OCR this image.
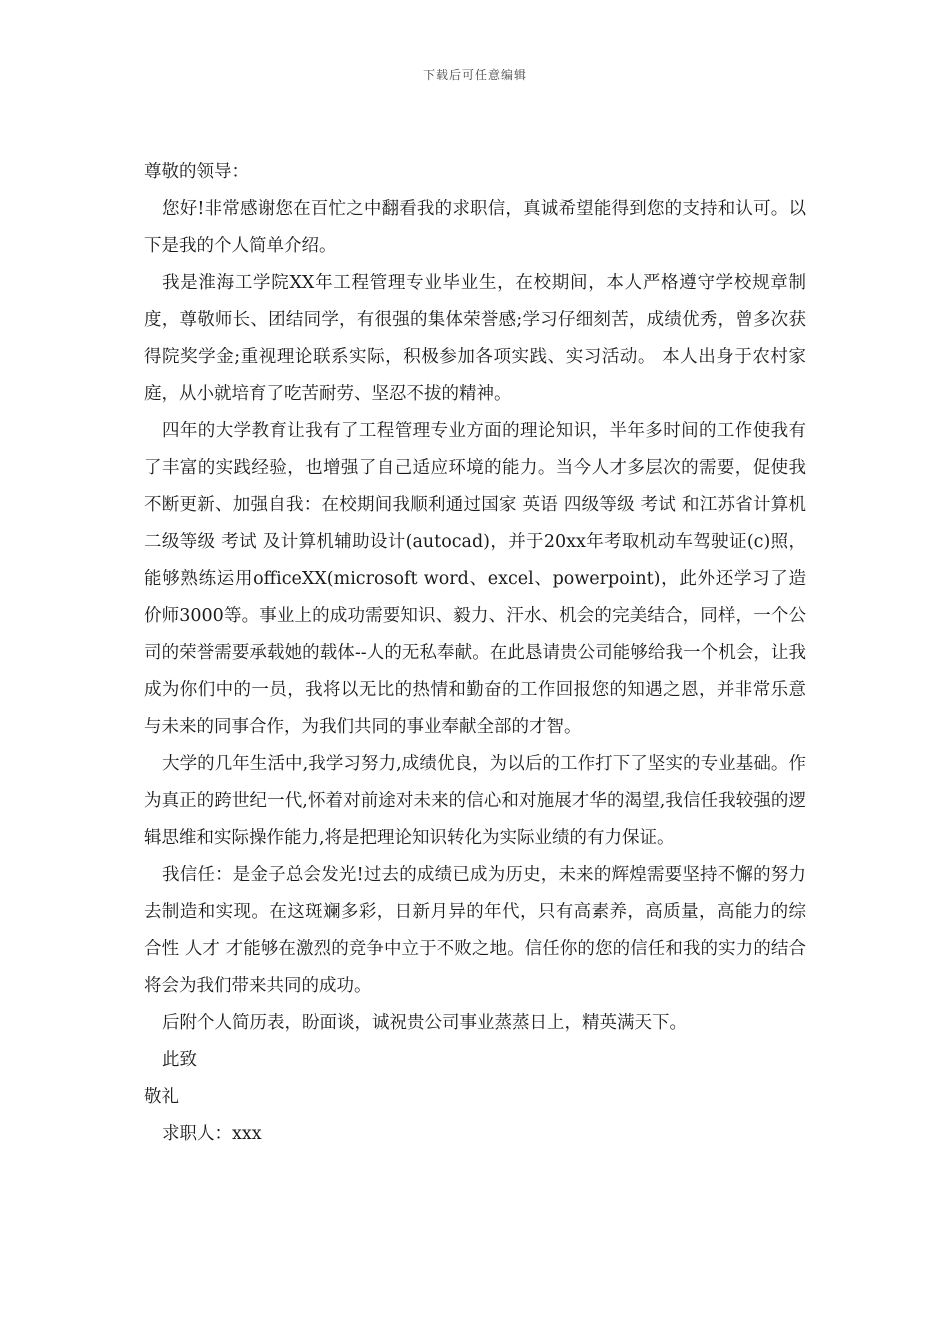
下载后可任意编辑

尊敬的领导：

您好!非常感谢您在百忙之中翻看我的求职信，真诚希望能得到您的支持和认可。以下是我的个人简单介绍。

我是淮海工学院XX年工程管理专业毕业生，在校期间，本人严格遵守学校规章制度，尊敬师长、团结同学，有很强的集体荣誉感;学习仔细刻苦，成绩优秀，曾多次获得院奖学金;重视理论联系实际，积极参加各项实践、实习活动。 本人出身于农村家庭，从小就培育了吃苦耐劳、坚忍不拔的精神。

四年的大学教育让我有了工程管理专业方面的理论知识，半年多时间的工作使我有了丰富的实践经验，也增强了自己适应环境的能力。当今人才多层次的需要，促使我不断更新、加强自我：在校期间我顺利通过国家 英语 四级等级 考试 和江苏省计算机二级等级 考试 及计算机辅助设计(autocad)，并于20xx年考取机动车驾驶证(c)照，能够熟练运用officeXX(microsoft word、excel、powerpoint)，此外还学习了造价师3000等。事业上的成功需要知识、毅力、汗水、机会的完美结合，同样，一个公司的荣誉需要承载她的载体--人的无私奉献。在此恳请贵公司能够给我一个机会，让我成为你们中的一员，我将以无比的热情和勤奋的工作回报您的知遇之恩，并非常乐意与未来的同事合作，为我们共同的事业奉献全部的才智。

大学的几年生活中,我学习努力,成绩优良，为以后的工作打下了坚实的专业基础。作为真正的跨世纪一代,怀着对前途对未来的信心和对施展才华的渴望,我信任我较强的逻辑思维和实际操作能力,将是把理论知识转化为实际业绩的有力保证。

我信任：是金子总会发光!过去的成绩已成为历史，未来的辉煌需要坚持不懈的努力去制造和实现。在这斑斓多彩，日新月异的年代，只有高素养，高质量，高能力的综合性 人才 才能够在激烈的竞争中立于不败之地。信任你的您的信任和我的实力的结合将会为我们带来共同的成功。

后附个人简历表，盼面谈，诚祝贵公司事业蒸蒸日上，精英满天下。

此致

敬礼

求职人：xxx
